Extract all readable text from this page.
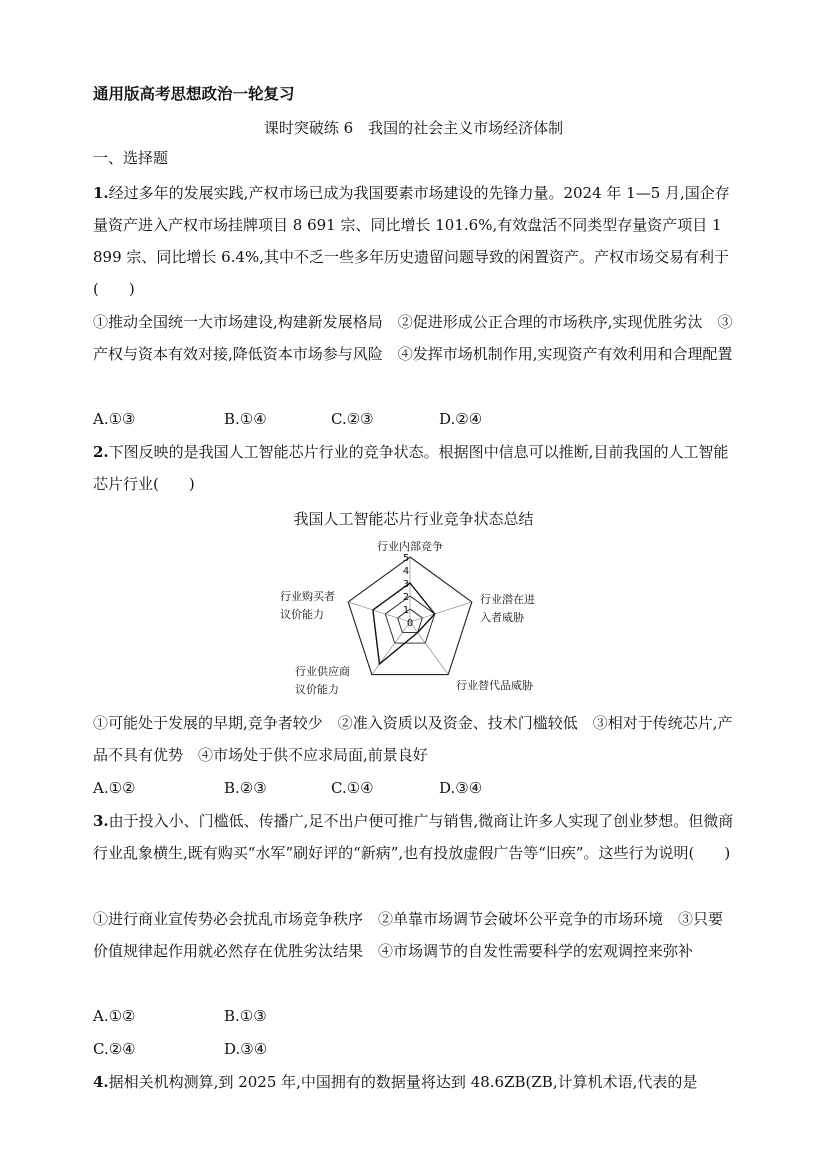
通用版高考思想政治一轮复习
课时突破练 6　我国的社会主义市场经济体制
一、选择题
1.经过多年的发展实践,产权市场已成为我国要素市场建设的先锋力量。2024 年 1—5 月,国企存量资产进入产权市场挂牌项目 8 691 宗、同比增长 101.6%,有效盘活不同类型存量资产项目 1 899 宗、同比增长 6.4%,其中不乏一些多年历史遗留问题导致的闲置资产。产权市场交易有利于(　　)
①推动全国统一大市场建设,构建新发展格局　②促进形成公正合理的市场秩序,实现优胜劣汰　③产权与资本有效对接,降低资本市场参与风险　④发挥市场机制作用,实现资产有效利用和合理配置
A.①③	B.①④	C.②③	D.②④
2.下图反映的是我国人工智能芯片行业的竞争状态。根据图中信息可以推断,目前我国的人工智能芯片行业(　　)
我国人工智能芯片行业竞争状态总结
0
1
2
3
4
5
行业内部竞争
行业潜在进
入者威胁
行业替代品威胁
行业供应商
议价能力
行业购买者
议价能力
①可能处于发展的早期,竞争者较少　②准入资质以及资金、技术门槛较低　③相对于传统芯片,产品不具有优势　④市场处于供不应求局面,前景良好
A.①②	B.②③	C.①④	D.③④
3.由于投入小、门槛低、传播广,足不出户便可推广与销售,微商让许多人实现了创业梦想。但微商行业乱象横生,既有购买“水军”刷好评的“新病”,也有投放虚假广告等“旧疾”。这些行为说明(　　)
①进行商业宣传势必会扰乱市场竞争秩序　②单靠市场调节会破坏公平竞争的市场环境　③只要价值规律起作用就必然存在优胜劣汰结果　④市场调节的自发性需要科学的宏观调控来弥补
A.①②	B.①③
C.②④	D.③④
4.据相关机构测算,到 2025 年,中国拥有的数据量将达到 48.6ZB(ZB,计算机术语,代表的是
